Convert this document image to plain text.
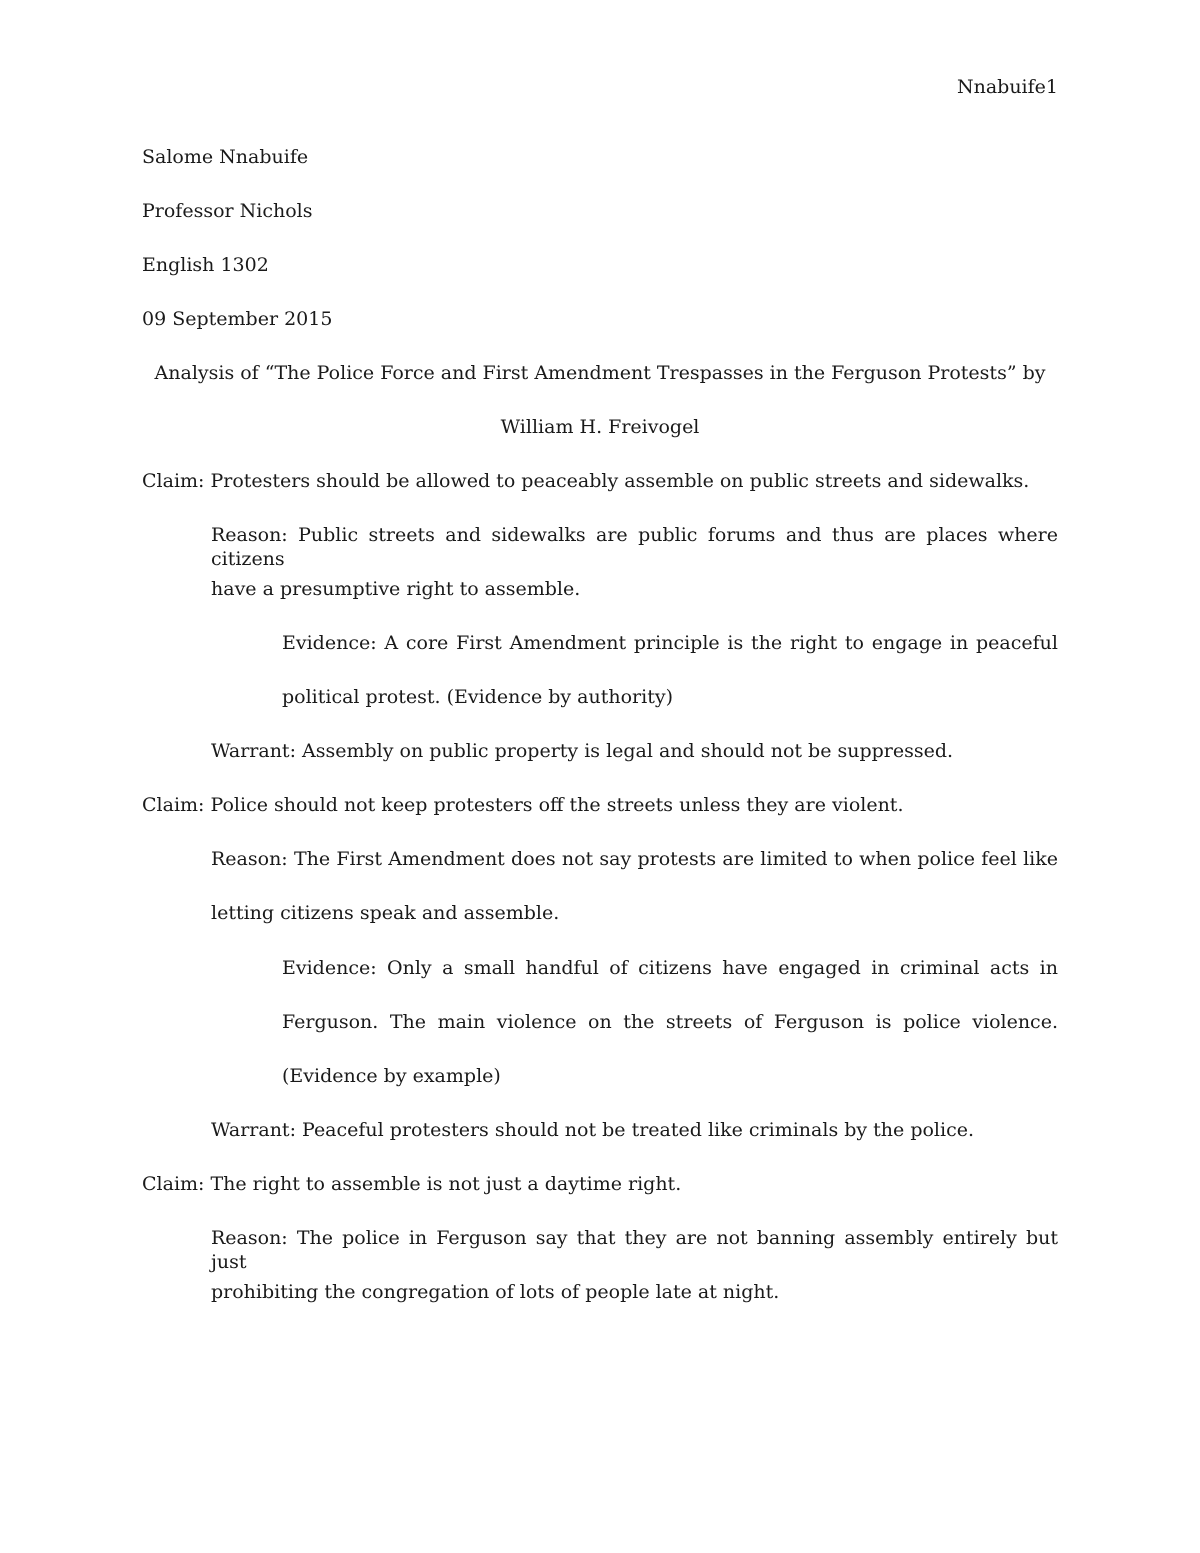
Nnabuife1
Salome Nnabuife
Professor Nichols
English 1302
09 September 2015
Analysis of “The Police Force and First Amendment Trespasses in the Ferguson Protests” by
William H. Freivogel
Claim: Protesters should be allowed to peaceably assemble on public streets and sidewalks.
Reason: Public streets and sidewalks are public forums and thus are places where citizens
have a presumptive right to assemble.
Evidence: A core First Amendment principle is the right to engage in peaceful
political protest. (Evidence by authority)
Warrant: Assembly on public property is legal and should not be suppressed.
Claim: Police should not keep protesters off the streets unless they are violent.
Reason: The First Amendment does not say protests are limited to when police feel like
letting citizens speak and assemble.
Evidence: Only a small handful of citizens have engaged in criminal acts in
Ferguson. The main violence on the streets of Ferguson is police violence.
(Evidence by example)
Warrant: Peaceful protesters should not be treated like criminals by the police.
Claim: The right to assemble is not just a daytime right.
Reason: The police in Ferguson say that they are not banning assembly entirely but just
prohibiting the congregation of lots of people late at night.
